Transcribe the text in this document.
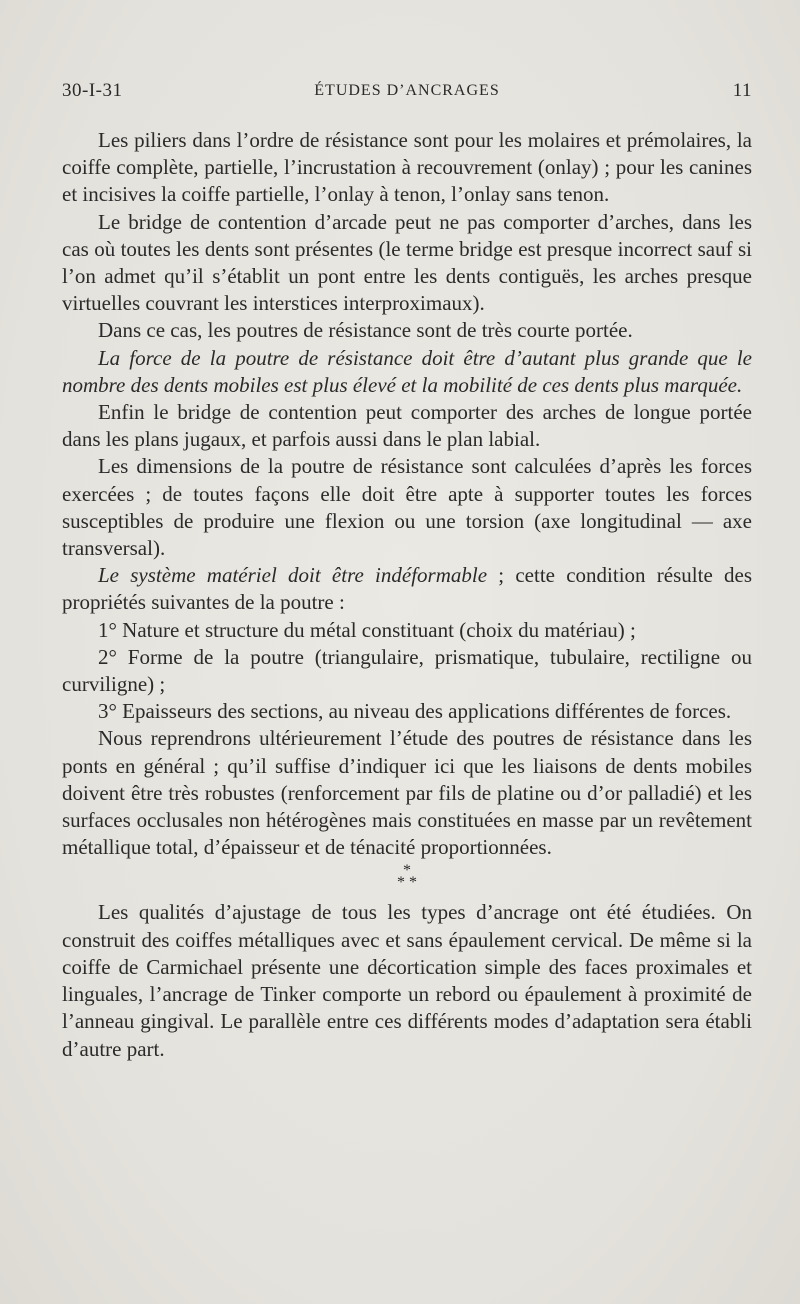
30-I-31	ÉTUDES D’ANCRAGES	11

Les piliers dans l’ordre de résistance sont pour les molaires et prémolaires, la coiffe complète, partielle, l’incrustation à recouvrement (onlay) ; pour les canines et incisives la coiffe partielle, l’onlay à tenon, l’onlay sans tenon.

Le bridge de contention d’arcade peut ne pas comporter d’arches, dans les cas où toutes les dents sont présentes (le terme bridge est presque incorrect sauf si l’on admet qu’il s’établit un pont entre les dents contiguës, les arches presque virtuelles couvrant les interstices interproximaux).

Dans ce cas, les poutres de résistance sont de très courte portée.

La force de la poutre de résistance doit être d’autant plus grande que le nombre des dents mobiles est plus élevé et la mobilité de ces dents plus marquée.

Enfin le bridge de contention peut comporter des arches de longue portée dans les plans jugaux, et parfois aussi dans le plan labial.

Les dimensions de la poutre de résistance sont calculées d’après les forces exercées ; de toutes façons elle doit être apte à supporter toutes les forces susceptibles de produire une flexion ou une torsion (axe longitudinal — axe transversal).

Le système matériel doit être indéformable ; cette condition résulte des propriétés suivantes de la poutre :

1° Nature et structure du métal constituant (choix du matériau) ;

2° Forme de la poutre (triangulaire, prismatique, tubulaire, rectiligne ou curviligne) ;

3° Epaisseurs des sections, au niveau des applications différentes de forces.

Nous reprendrons ultérieurement l’étude des poutres de résistance dans les ponts en général ; qu’il suffise d’indiquer ici que les liaisons de dents mobiles doivent être très robustes (renforcement par fils de platine ou d’or palladié) et les surfaces occlusales non hétérogènes mais constituées en masse par un revêtement métallique total, d’épaisseur et de ténacité proportionnées.

*
* *

Les qualités d’ajustage de tous les types d’ancrage ont été étudiées. On construit des coiffes métalliques avec et sans épaulement cervical. De même si la coiffe de Carmichael présente une décortication simple des faces proximales et linguales, l’ancrage de Tinker comporte un rebord ou épaulement à proximité de l’anneau gingival. Le parallèle entre ces différents modes d’adaptation sera établi d’autre part.
